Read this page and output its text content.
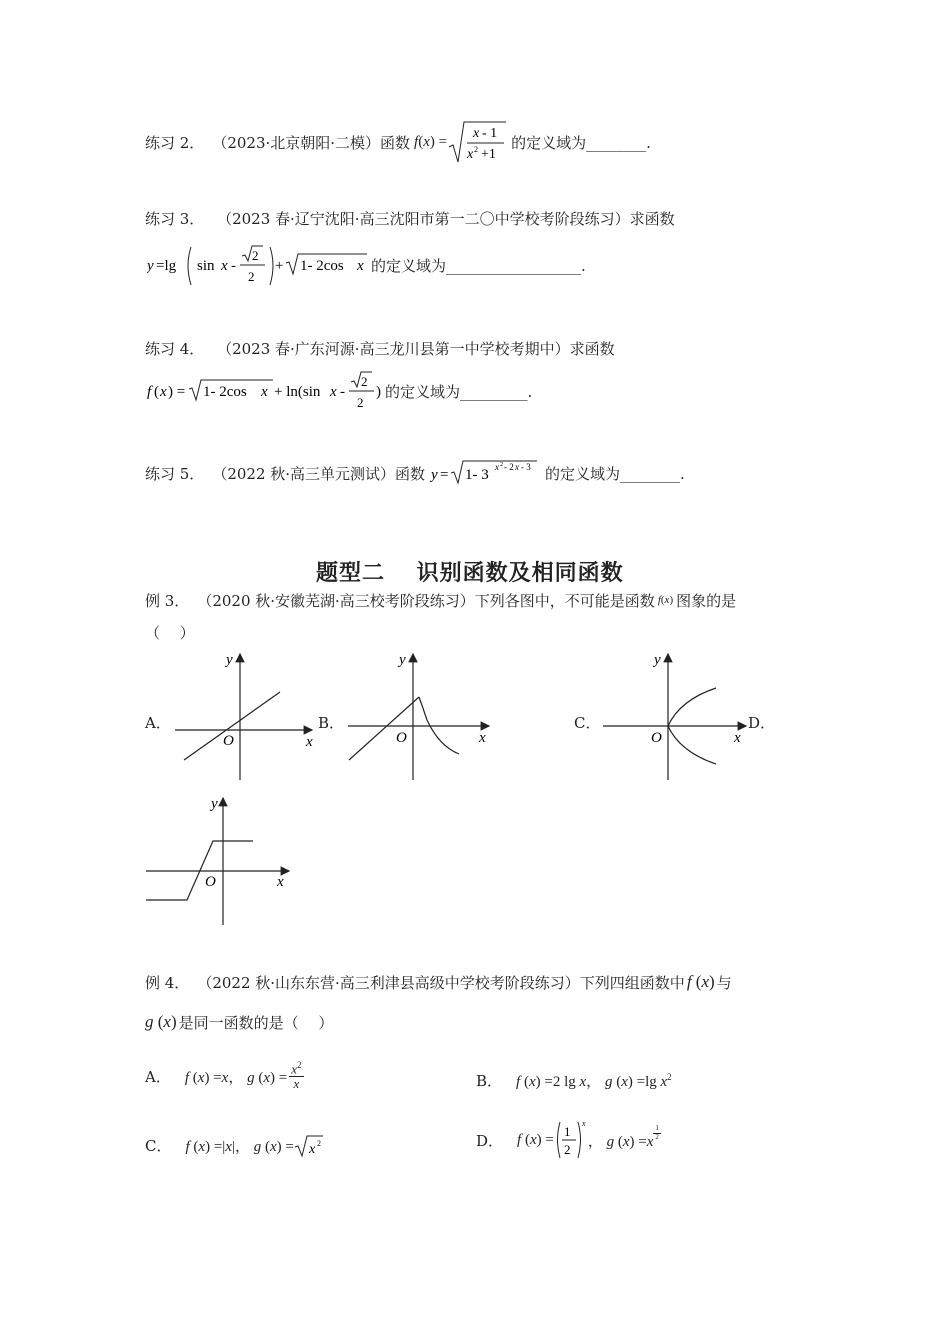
练习 2． （2023·北京朝阳·二模） 函数 f ( x ) = x - 1
x 2 +1
的定义域为________.
练习 3． （2023 春·辽宁沈阳·高三沈阳市第一二〇中学校考阶段练习）求函数
y =lg sin x -
2
2
+ 1- 2cos x 的定义域为__________________.
练习 4． （2023 春·广东河源·高三龙川县第一中学校考期中）求函数
f ( x ) = 1- 2cos x + ln(sin x -
2
2
) 的定义域为_________.
练习 5． （2022 秋·高三单元测试） 函数 y = 1- 3 x 2 - 2 x - 3 的定义域为________.
题型二　 识别函数及相同函数
例 3． （2020 秋·安徽芜湖·高三校考阶段练习） 下列各图中，不可能是函数 f(x) 图象的是
（　 ）
A．	B．	C．	D．
y
x
O
y
x
O
y
x
O
y
x
O
例 4． （2022 秋·山东东营·高三利津县高级中学校考阶段练习） 下列四组函数中 f (x) 与
g (x) 是同一函数的是（　 ）
A． f (x) =x， g $(x) = \frac{x^2}{x}$	B． f (x) =2 lg x， g (x) =lg $x^2$
C． f (x) =|x|， g (x) = x 2	D． f (x) = 1
2
x
， g (x) =x
$\frac{1}{2}$
